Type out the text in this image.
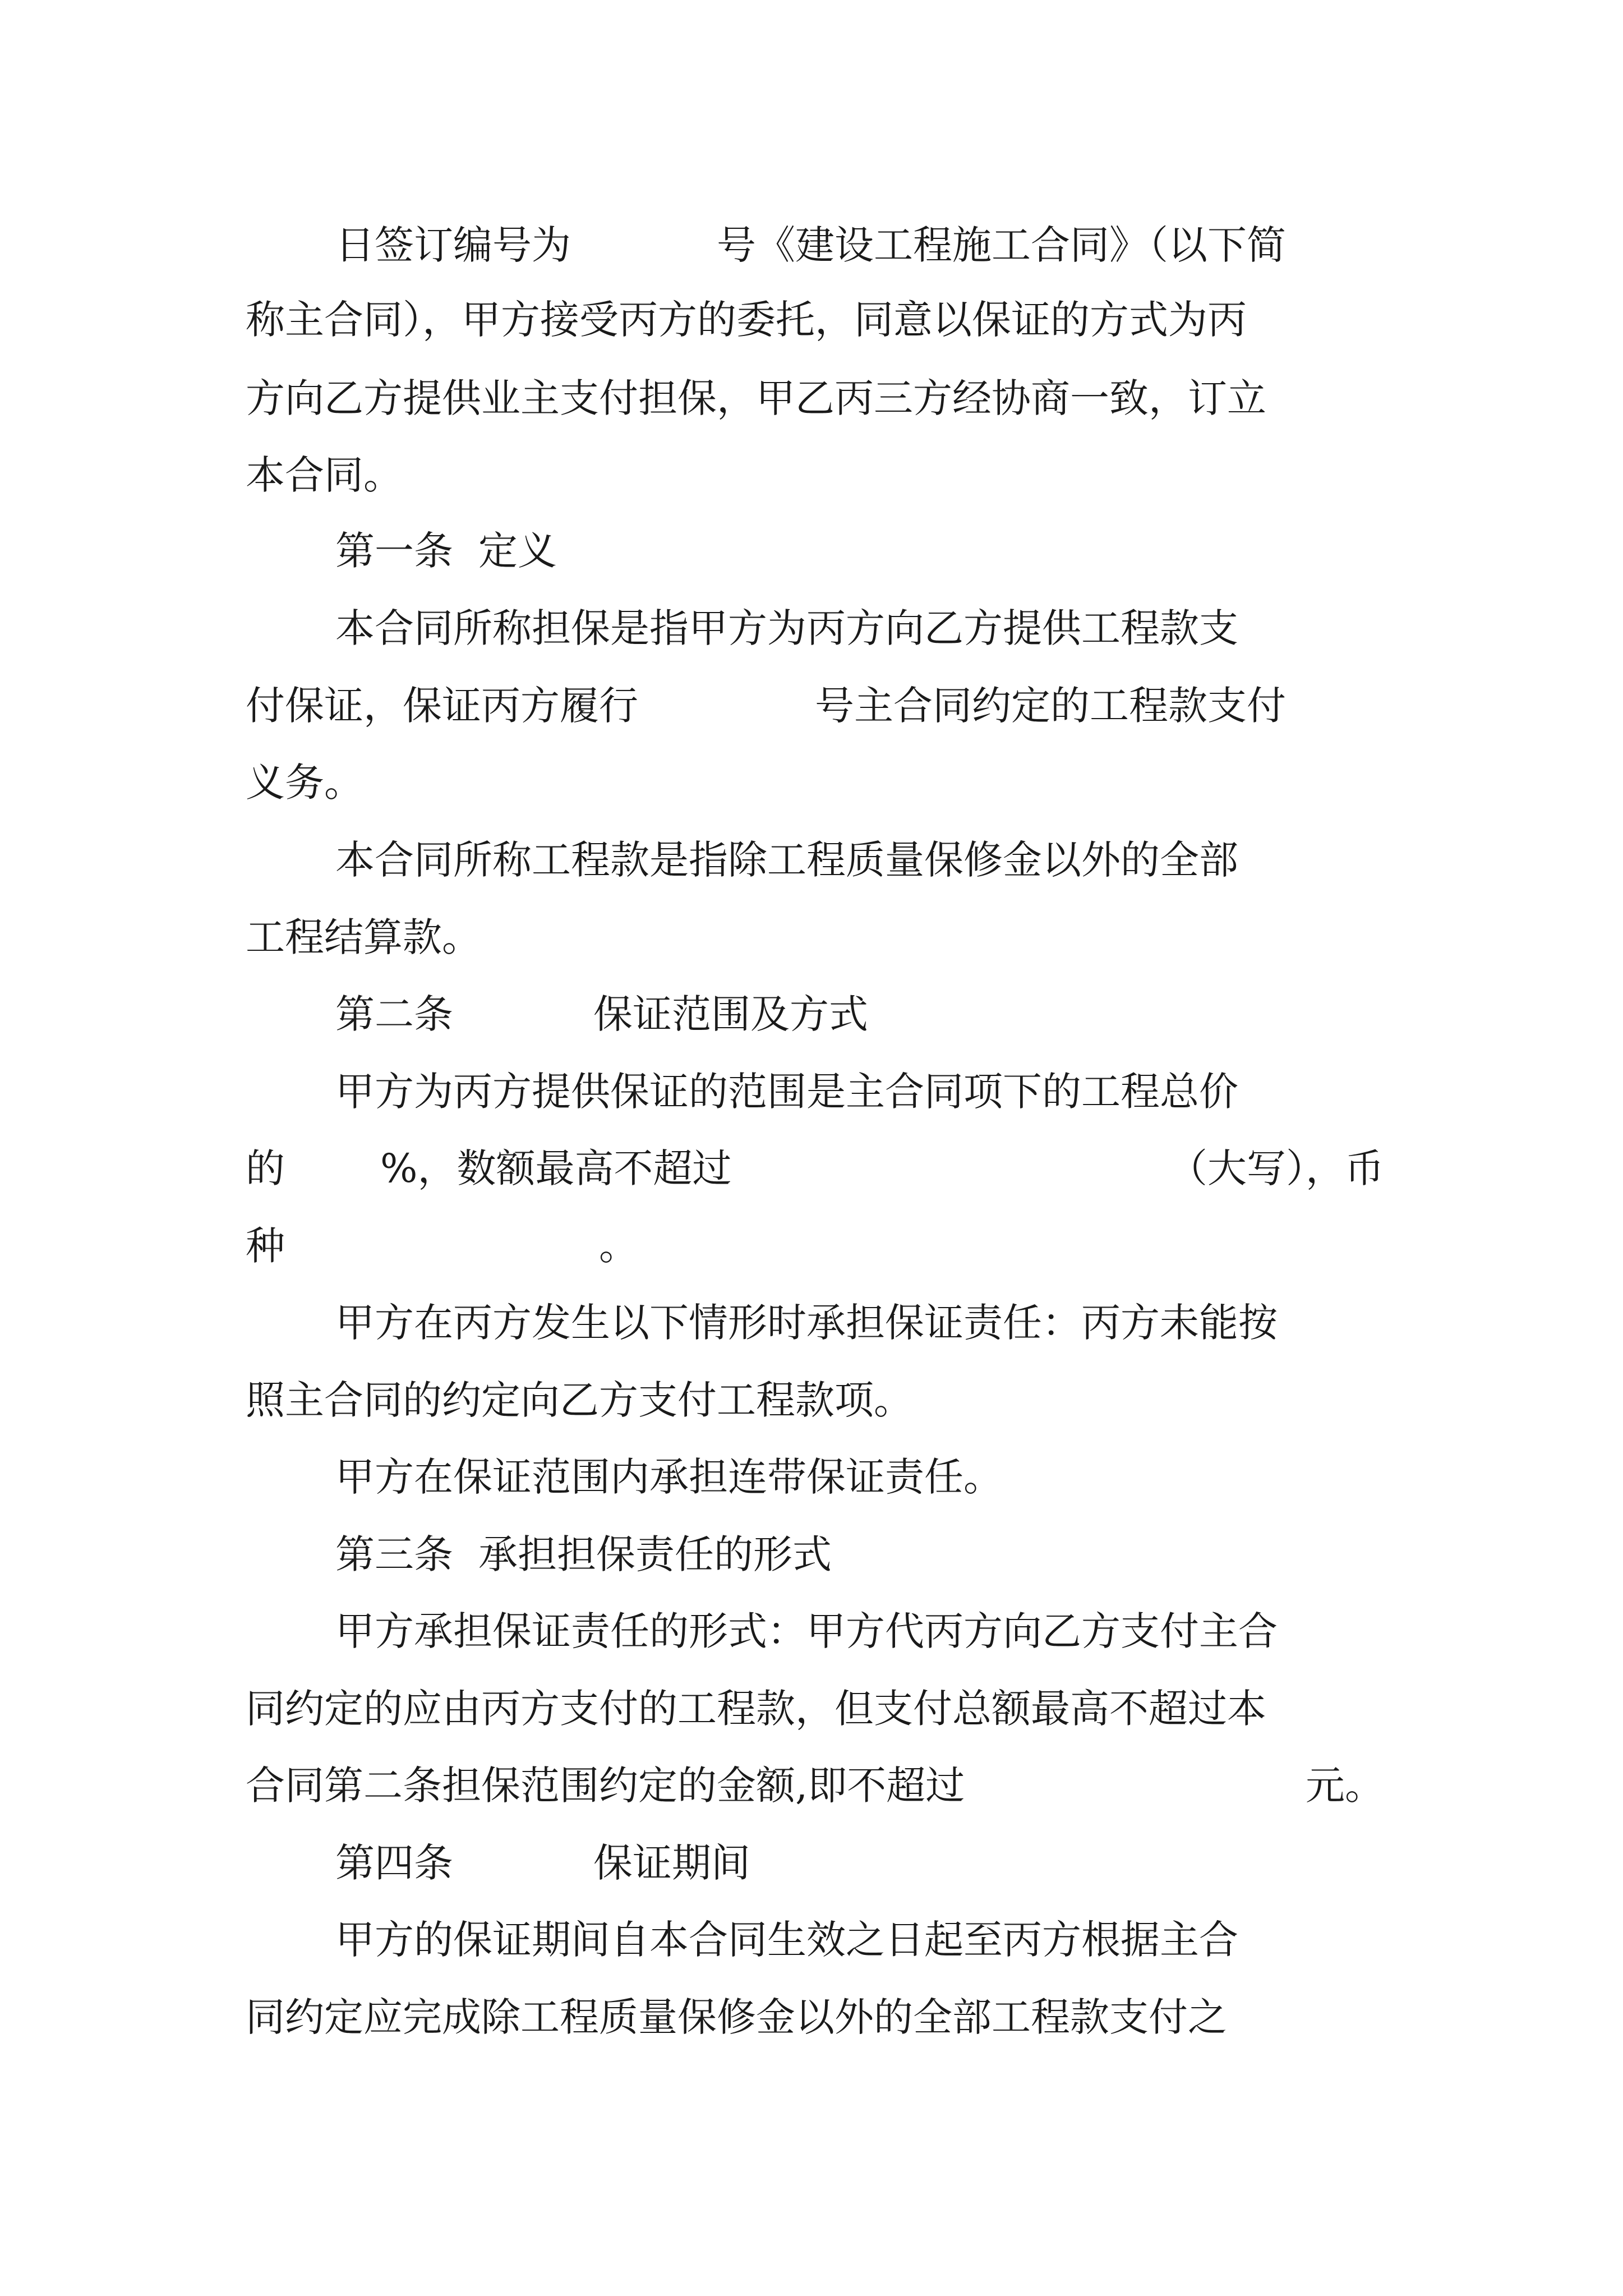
日签订编号为	号《建设工程施工合同》（以下简
称主合同），甲方接受丙方的委托，同意以保证的方式为丙
方向乙方提供业主支付担保，甲乙丙三方经协商一致，订立
本合同。
第一条 定义
本合同所称担保是指甲方为丙方向乙方提供工程款支
付保证，保证丙方履行	号主合同约定的工程款支付
义务。
本合同所称工程款是指除工程质量保修金以外的全部
工程结算款。
第二条	保证范围及方式
甲方为丙方提供保证的范围是主合同项下的工程总价
的 %，数额最高不超过	（大写），币
种	。
甲方在丙方发生以下情形时承担保证责任：丙方未能按
照主合同的约定向乙方支付工程款项。
甲方在保证范围内承担连带保证责任。
第三条 承担担保责任的形式
甲方承担保证责任的形式：甲方代丙方向乙方支付主合
同约定的应由丙方支付的工程款，但支付总额最高不超过本
合同第二条担保范围约定的金额,即不超过	元。
第四条	保证期间
甲方的保证期间自本合同生效之日起至丙方根据主合
同约定应完成除工程质量保修金以外的全部工程款支付之
